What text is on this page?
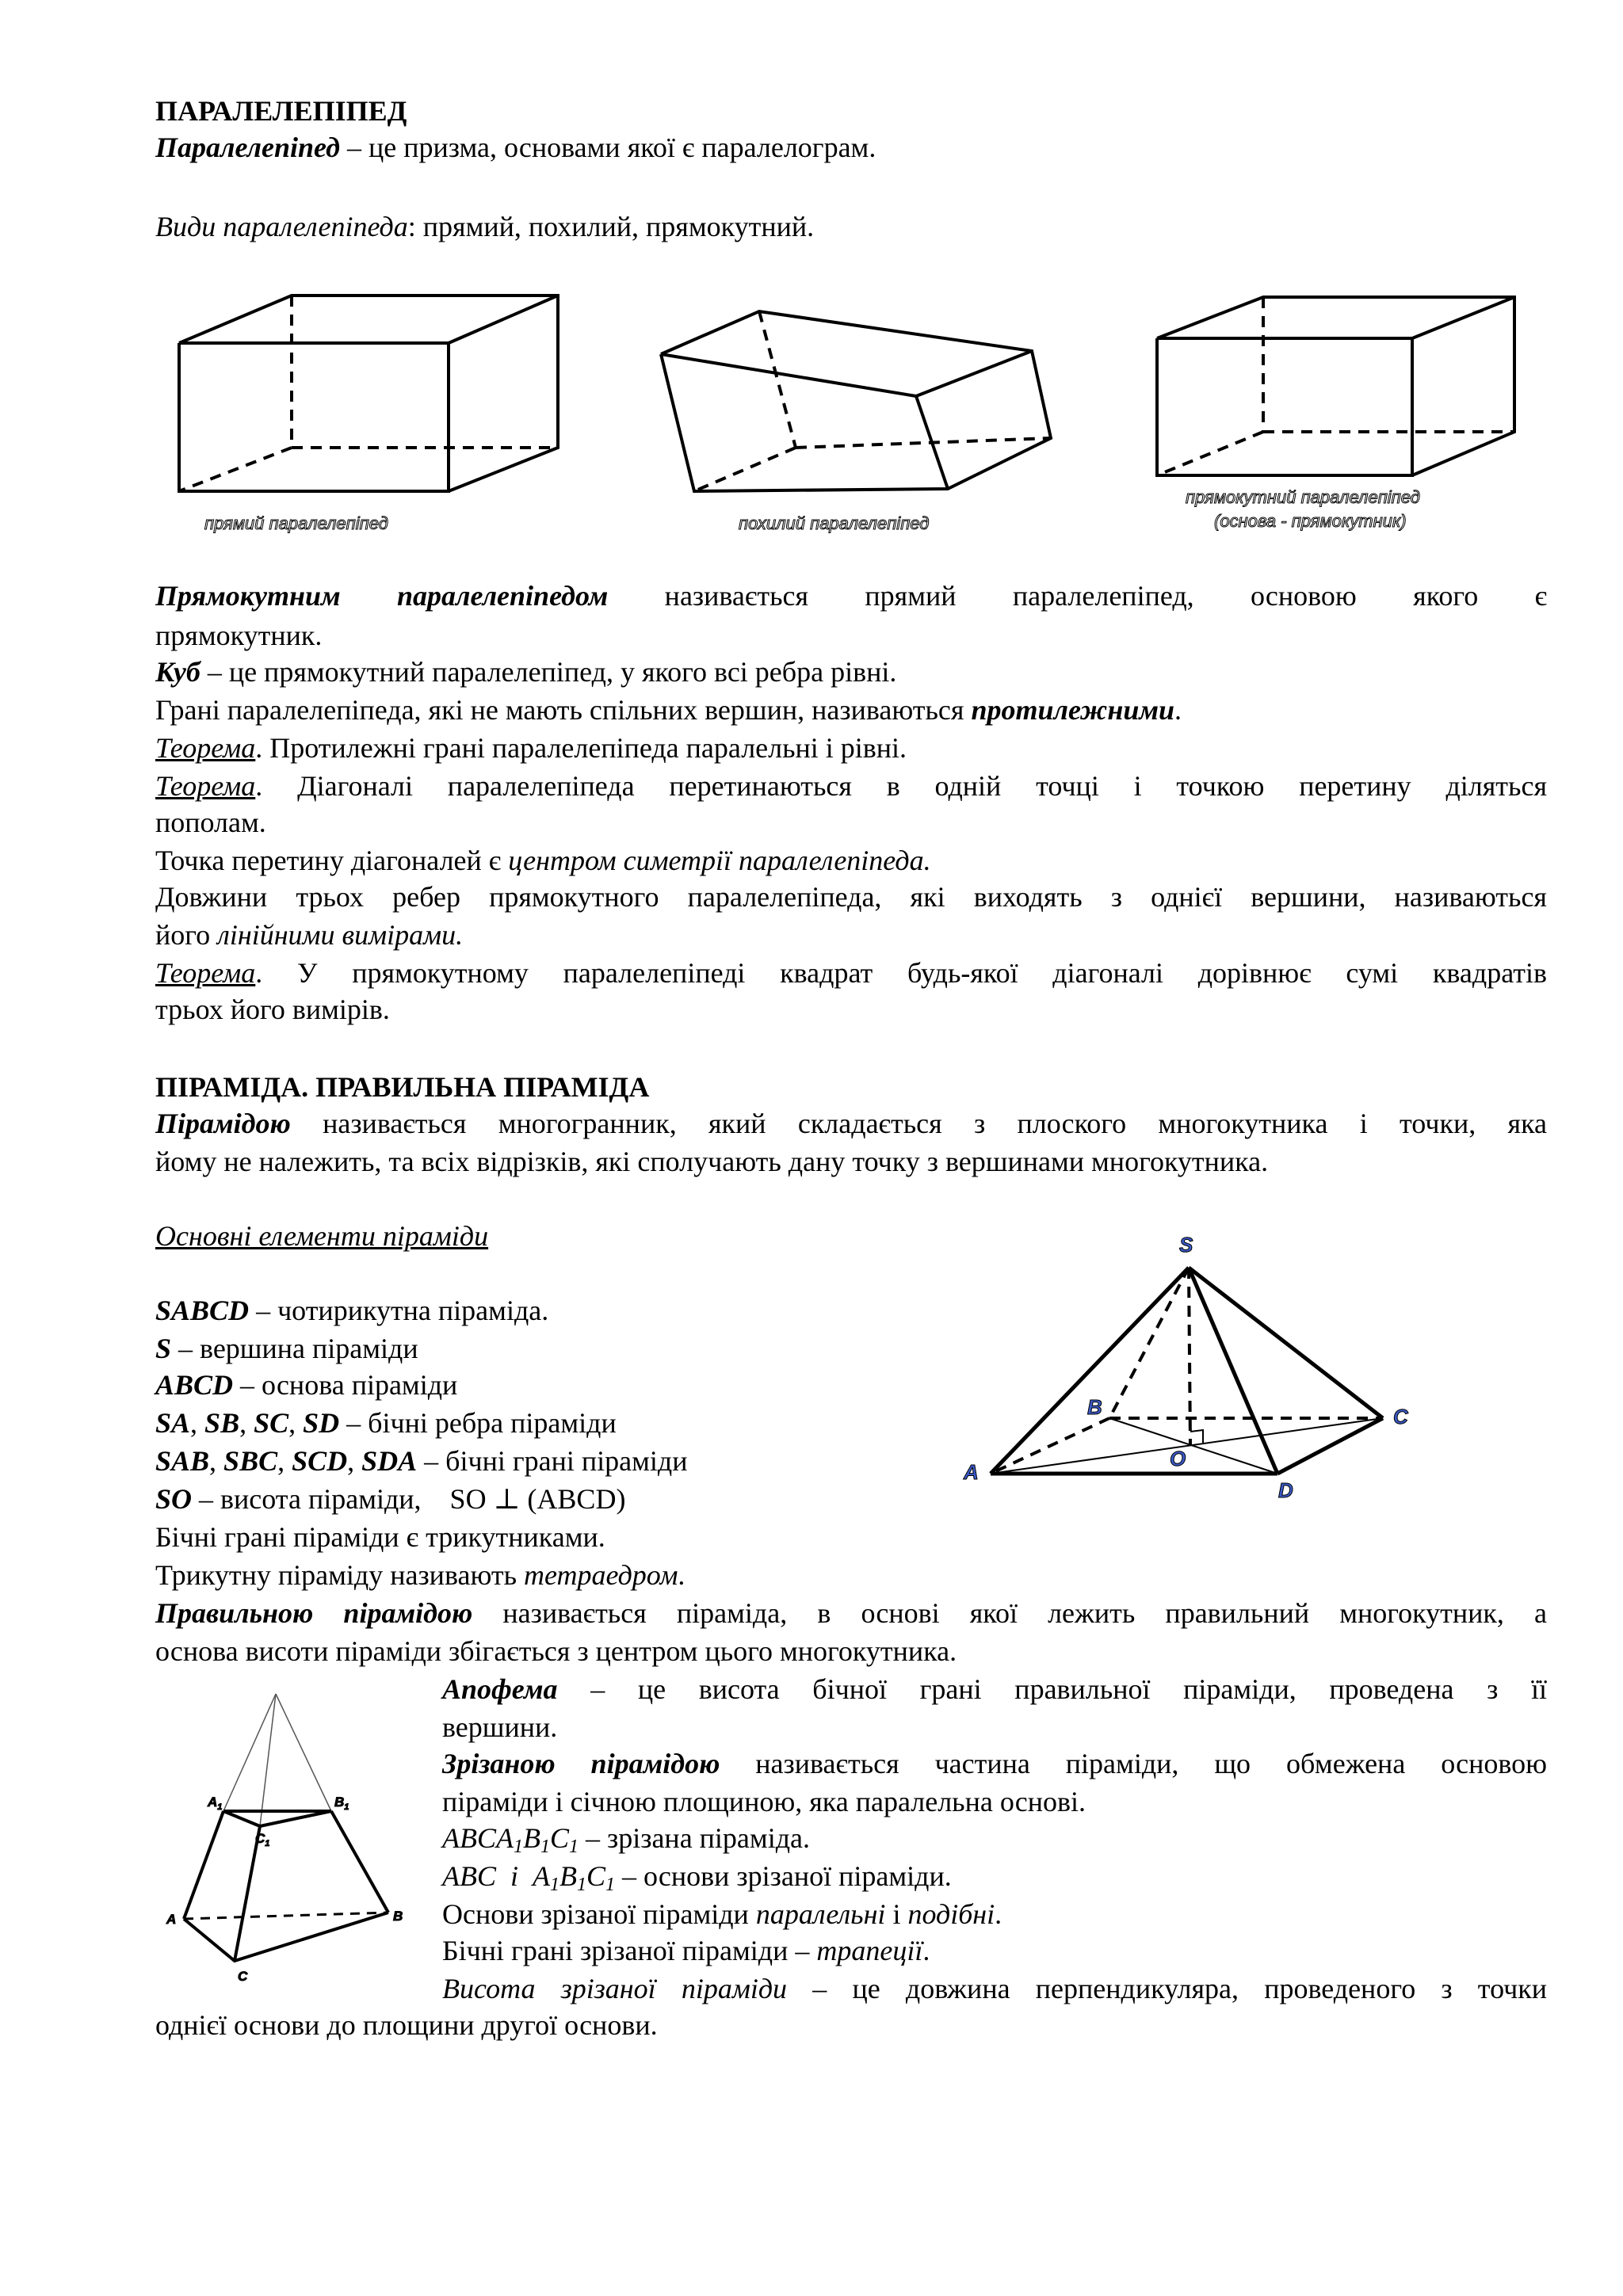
ПАРАЛЕЛЕПІПЕД
Паралелепіпед – це призма, основами якої є паралелограм.
Види паралелепіпеда: прямий, похилий, прямокутний.
прямий паралелепіпед	похилий паралелепіпед
прямокутний паралелепіпед
(основа - прямокутник)
Прямокутним паралелепіпедом називається прямий паралелепіпед, основою якого є
прямокутник.
Куб – це прямокутний паралелепіпед, у якого всі ребра рівні.
Грані паралелепіпеда, які не мають спільних вершин, називаються протилежними.
Теорема. Протилежні грані паралелепіпеда паралельні і рівні.
Теорема. Діагоналі паралелепіпеда перетинаються в одній точці і точкою перетину діляться
пополам.
Точка перетину діагоналей є центром симетрії паралелепіпеда.
Довжини трьох ребер прямокутного паралелепіпеда, які виходять з однієї вершини, називаються
його лінійними вимірами.
Теорема. У прямокутному паралелепіпеді квадрат будь-якої діагоналі дорівнює сумі квадратів
трьох його вимірів.
ПІРАМІДА. ПРАВИЛЬНА ПІРАМІДА
Пірамідою називається многогранник, який складається з плоского многокутника і точки, яка
йому не належить, та всіх відрізків, які сполучають дану точку з вершинами многокутника.
Основні елементи піраміди
SABCD – чотирикутна піраміда.
S – вершина піраміди
ABCD – основа піраміди
SA, SB, SC, SD – бічні ребра піраміди
SAB, SBC, SCD, SDA – бічні грані піраміди
SO – висота піраміди,    SO ⊥ (ABCD)
Бічні грані піраміди є трикутниками.
Трикутну піраміду називають тетраедром.
S
B	C
A
D
O
Правильною пірамідою називається піраміда, в основі якої лежить правильний многокутник, а
основа висоти піраміди збігається з центром цього многокутника.
$A_1$	$B_1$
$C_1$
A	B
C
Апофема – це висота бічної грані правильної піраміди, проведена з її
вершини.
Зрізаною пірамідою називається частина піраміди, що обмежена основою
піраміди і січною площиною, яка паралельна основі.
$ABCA_1B_1C_1$ – зрізана піраміда.
ABC  і  $A_1B_1C_1$ – основи зрізаної піраміди.
Основи зрізаної піраміди паралельні і подібні.
Бічні грані зрізаної піраміди – трапеції.
Висота зрізаної піраміди – це довжина перпендикуляра, проведеного з точки
однієї основи до площини другої основи.
